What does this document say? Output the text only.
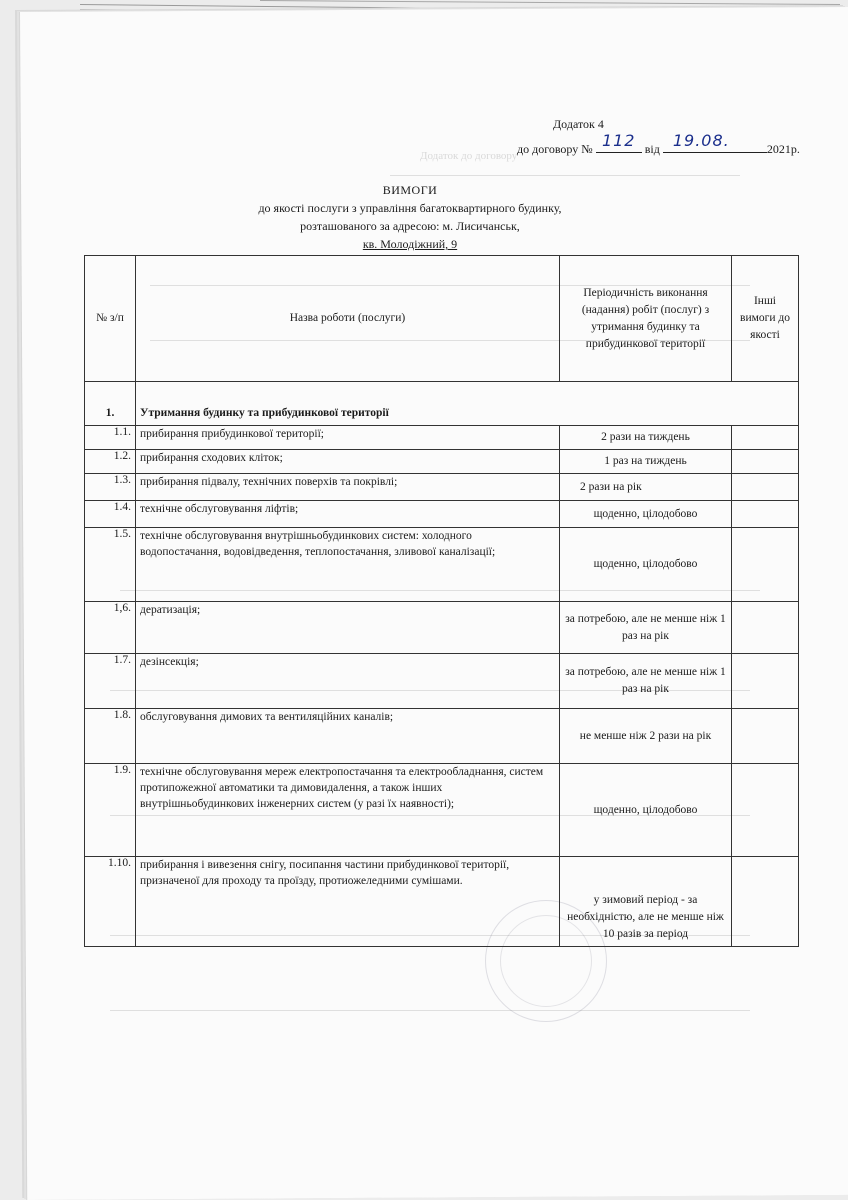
Додаток 4
до договору № 112 від 19.08.	2021р.
ВИМОГИ
до якості послуги з управління багатоквартирного будинку,
розташованого за адресою: м. Лисичанськ,
кв. Молодіжний, 9
№ з/п	Назва роботи (послуги)	Періодичність виконання (надання) робіт (послуг) з утримання будинку та прибудинкової території	Інші вимоги до якості
1.	Утримання будинку та прибудинкової території		
1.1.	прибирання прибудинкової території;	2 рази на тиждень	
1.2.	прибирання сходових кліток;	1 раз на тиждень	
1.3.	прибирання підвалу, технічних поверхів та покрівлі;	2 рази на рік	
1.4.	технічне обслуговування ліфтів;	щоденно, цілодобово	
1.5.	технічне обслуговування внутрішньобудинкових систем: холодного водопостачання, водовідведення, теплопостачання, зливової каналізації;	щоденно, цілодобово	
1,6.	дератизація;	за потребою, але не менше ніж 1 раз на рік	
1.7.	дезінсекція;	за потребою, але не менше ніж 1 раз на рік	
1.8.	обслуговування димових та вентиляційних каналів;	не менше ніж 2 рази на рік	
1.9.	технічне обслуговування мереж електропостачання та електрообладнання, систем протипожежної автоматики та димовидалення, а також інших внутрішньобудинкових інженерних систем (у разі їх наявності);	щоденно, цілодобово	
1.10.	прибирання і вивезення снігу, посипання частини прибудинкової території, призначеної для проходу та проїзду, протиожеледними сумішами.	у зимовий період - за необхідністю, але не менше ніж 10 разів за період	
